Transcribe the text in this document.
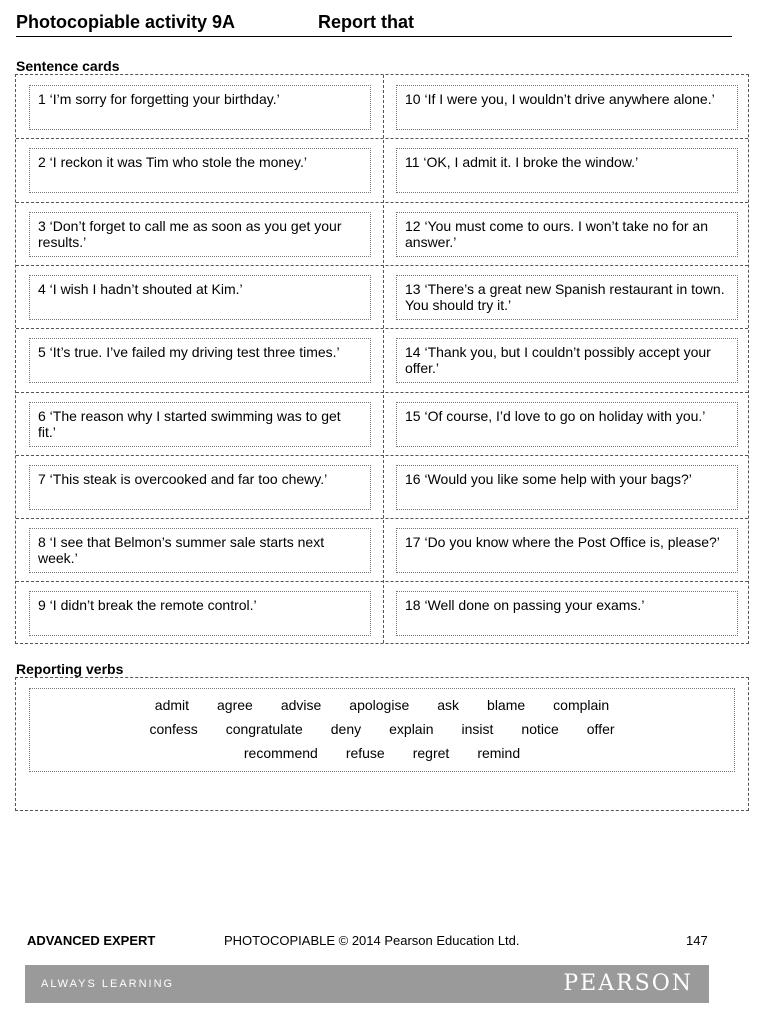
Photocopiable activity 9A	Report that
Sentence cards
1 ‘I’m sorry for forgetting your birthday.’
2 ‘I reckon it was Tim who stole the money.’
3 ‘Don’t forget to call me as soon as you get your results.’
4 ‘I wish I hadn’t shouted at Kim.’
5 ‘It’s true. I’ve failed my driving test three times.’
6 ‘The reason why I started swimming was to get fit.’
7 ‘This steak is overcooked and far too chewy.’
8 ‘I see that Belmon’s summer sale starts next week.’
9 ‘I didn’t break the remote control.’
10 ‘If I were you, I wouldn’t drive anywhere alone.’
11 ‘OK, I admit it. I broke the window.’
12 ‘You must come to ours. I won’t take no for an answer.’
13 ‘There’s a great new Spanish restaurant in town. You should try it.’
14 ‘Thank you, but I couldn’t possibly accept your offer.’
15 ‘Of course, I’d love to go on holiday with you.’
16 ‘Would you like some help with your bags?’
17 ‘Do you know where the Post Office is, please?’
18 ‘Well done on passing your exams.’
Reporting verbs
admit agree advise apologise ask blame complain
confess congratulate deny explain insist notice offer
recommend refuse regret remind
ADVANCED EXPERT	PHOTOCOPIABLE © 2014 Pearson Education Ltd.	147
ALWAYS LEARNING	PEARSON
